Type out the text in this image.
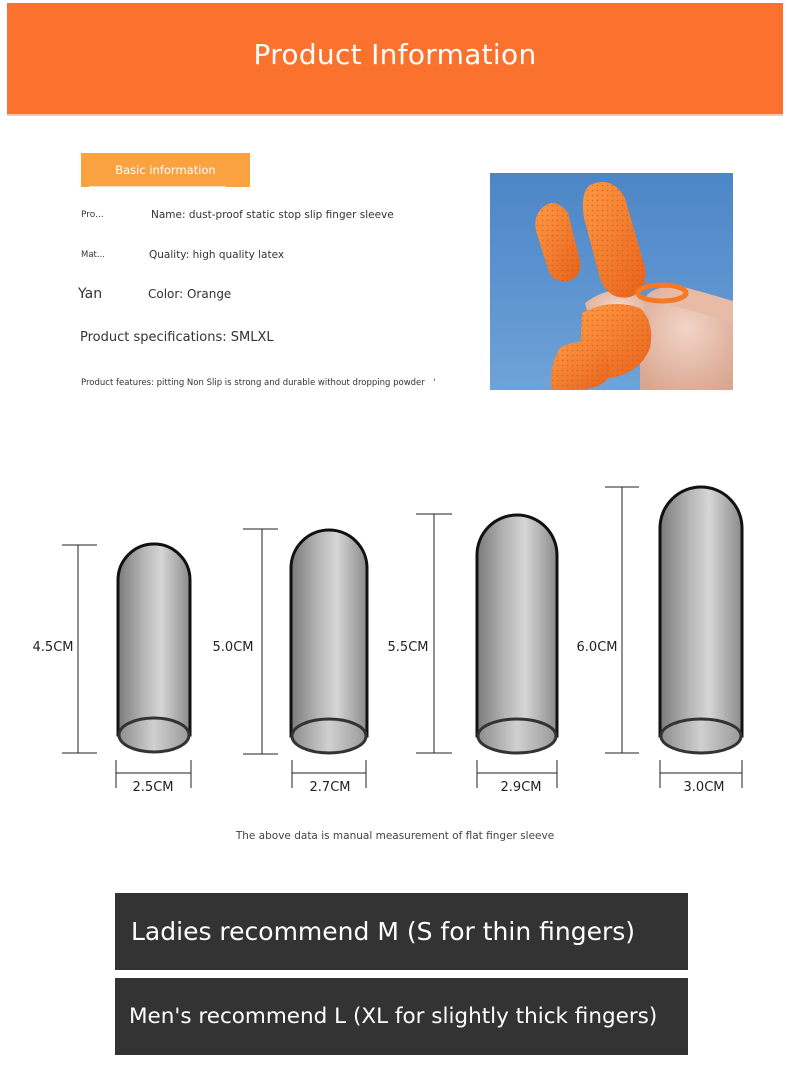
Product Information
Basic information
Pro...	Name: dust-proof static stop slip finger sleeve
Mat...	Quality: high quality latex
Yan	Color: Orange
Product specifications: SMLXL
Product features: pitting Non Slip is strong and durable without dropping powder　'
4.5CM
2.5CM
5.0CM
2.7CM
5.5CM
2.9CM
6.0CM
3.0CM
The above data is manual measurement of flat finger sleeve
Ladies recommend M (S for thin fingers)
Men's recommend L (XL for slightly thick fingers)
